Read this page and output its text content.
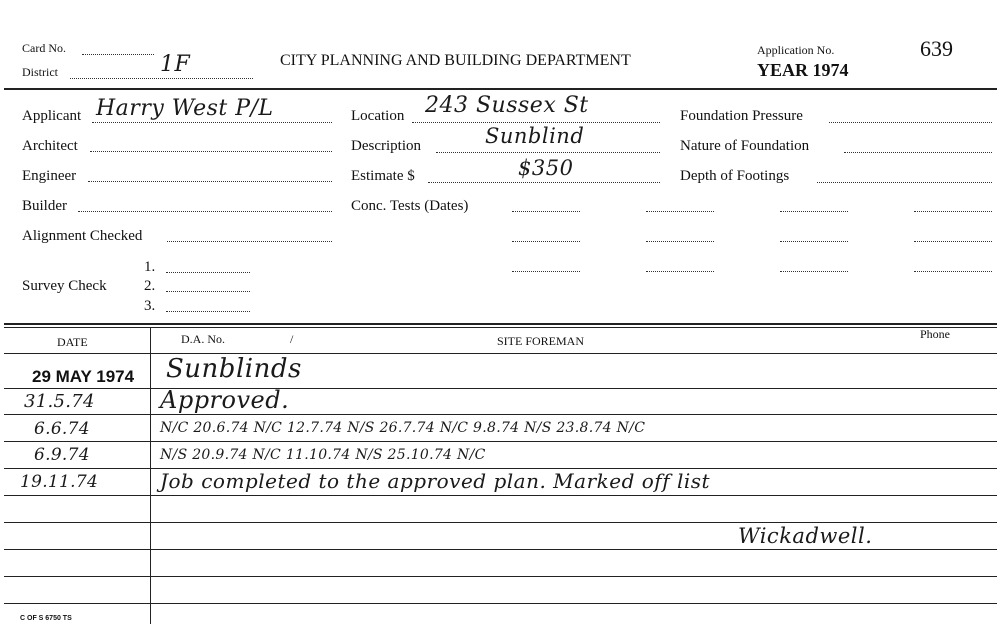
Card No.
District	1F	CITY PLANNING AND BUILDING DEPARTMENT
Application No.
YEAR 1974
639
Applicant Harry West P/L
Architect
Engineer
Builder
Alignment Checked
Survey Check
1.
2.
3.
Location 243 Sussex St
Description	Sunblind
Estimate $	$350
Conc. Tests (Dates)
Foundation Pressure
Nature of Foundation
Depth of Footings
DATE	D.A. No.	/	SITE FOREMAN	Phone
29 MAY 1974 Sunblinds
31.5.74	Approved.
6.6.74	N/C 20.6.74 N/C 12.7.74 N/S 26.7.74 N/C 9.8.74 N/S 23.8.74 N/C
6.9.74	N/S 20.9.74 N/C 11.10.74 N/S 25.10.74 N/C
19.11.74	Job completed to the approved plan. Marked off list
Wickadwell.
C OF S 6750 TS
